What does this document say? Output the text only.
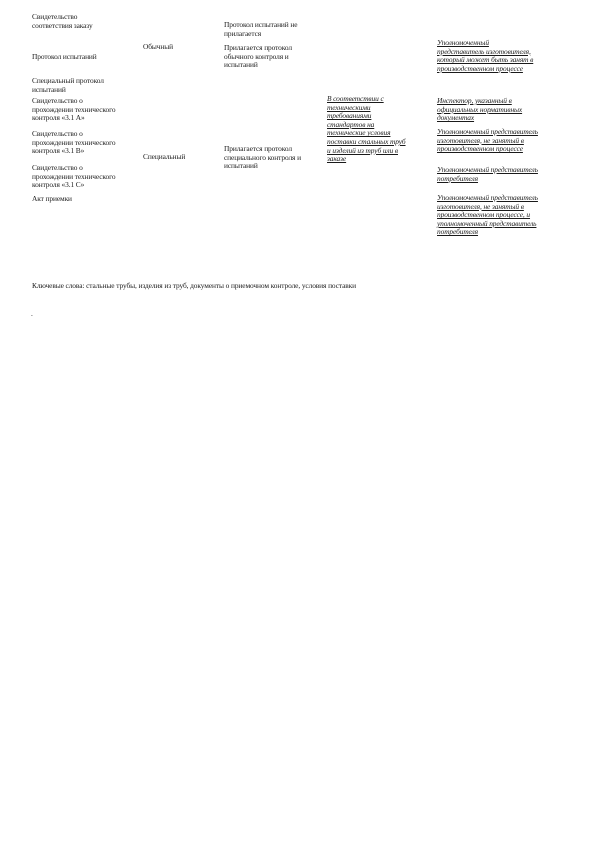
Свидетельство
соответствия заказу
Протокол испытаний
Специальный протокол
испытаний
Свидетельство о
прохождении технического
контроля «3.1 А»
Свидетельство о
прохождении технического
контроля «3.1 B»
Свидетельство о
прохождении технического
контроля «3.1 C»
Акт приемки
Обычный
Специальный
Протокол испытаний не
прилагается
Прилагается протокол
обычного контроля и
испытаний
Прилагается протокол
специального контроля и
испытаний
В соответствии с
техническими
требованиями
стандартов на
технические условия
поставки стальных труб
и изделий из труб или в
заказе
Уполномоченный
представитель изготовителя,
который может быть занят в
производственном процессе
Инспектор, указанный в
официальных нормативных
документах
Уполномоченный представитель
изготовителя, не занятый в
производственном процессе
Уполномоченный представитель
потребителя
Уполномоченный представитель
изготовителя, не занятый в
производственном процессе, и
уполномоченный представитель
потребителя
Ключевые слова: стальные трубы, изделия из труб, документы о приемочном контроле, условия поставки
.
